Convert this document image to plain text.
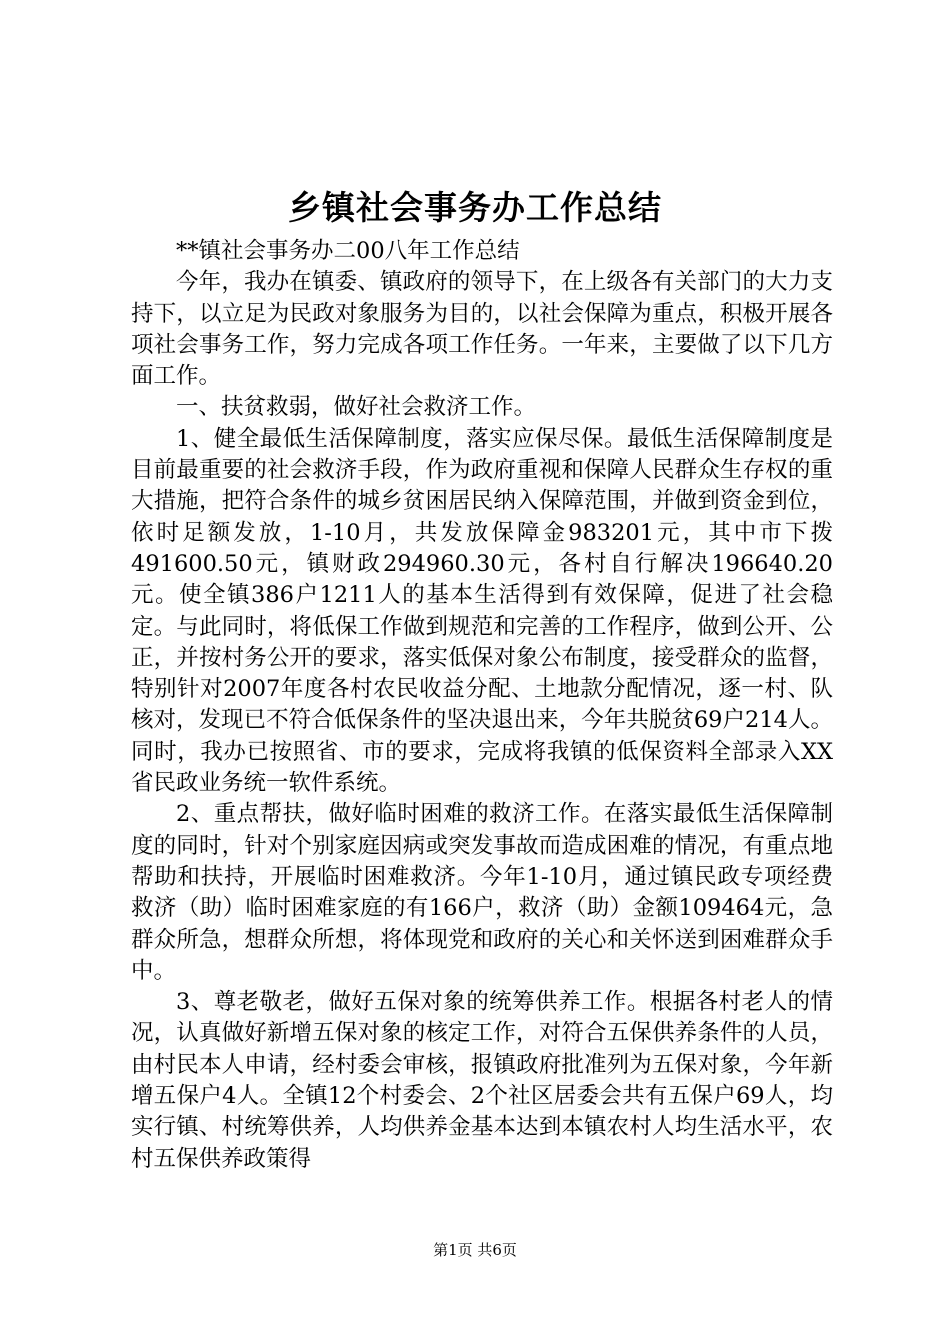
乡镇社会事务办工作总结

**镇社会事务办二00八年工作总结

今年，我办在镇委、镇政府的领导下，在上级各有关部门的大力支持下，以立足为民政对象服务为目的，以社会保障为重点，积极开展各项社会事务工作，努力完成各项工作任务。一年来，主要做了以下几方面工作。

一、扶贫救弱，做好社会救济工作。

1、健全最低生活保障制度，落实应保尽保。最低生活保障制度是目前最重要的社会救济手段，作为政府重视和保障人民群众生存权的重大措施，把符合条件的城乡贫困居民纳入保障范围，并做到资金到位，依时足额发放，1-10月，共发放保障金983201元，其中市下拨491600.50元，镇财政294960.30元，各村自行解决196640.20元。使全镇386户1211人的基本生活得到有效保障，促进了社会稳定。与此同时，将低保工作做到规范和完善的工作程序，做到公开、公正，并按村务公开的要求，落实低保对象公布制度，接受群众的监督，特别针对2007年度各村农民收益分配、土地款分配情况，逐一村、队核对，发现已不符合低保条件的坚决退出来，今年共脱贫69户214人。同时，我办已按照省、市的要求，完成将我镇的低保资料全部录入XX省民政业务统一软件系统。

2、重点帮扶，做好临时困难的救济工作。在落实最低生活保障制度的同时，针对个别家庭因病或突发事故而造成困难的情况，有重点地帮助和扶持，开展临时困难救济。今年1-10月，通过镇民政专项经费救济（助）临时困难家庭的有166户，救济（助）金额109464元，急群众所急，想群众所想，将体现党和政府的关心和关怀送到困难群众手中。

3、尊老敬老，做好五保对象的统筹供养工作。根据各村老人的情况，认真做好新增五保对象的核定工作，对符合五保供养条件的人员，由村民本人申请，经村委会审核，报镇政府批准列为五保对象，今年新增五保户4人。全镇12个村委会、2个社区居委会共有五保户69人，均实行镇、村统筹供养，人均供养金基本达到本镇农村人均生活水平，农村五保供养政策得

第1页 共6页
